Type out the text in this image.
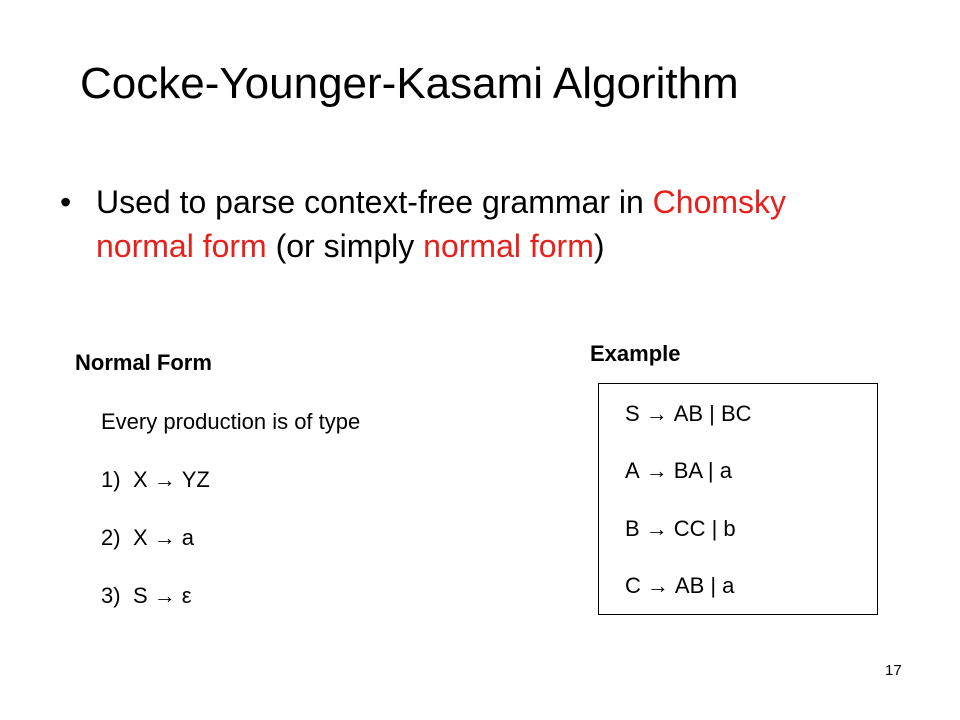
Cocke-Younger-Kasami Algorithm
• Used to parse context-free grammar in Chomsky normal form (or simply normal form)
Normal Form
Every production is of type
1) X → YZ
2) X → a
3) S → ε
Example
S → AB | BC
A → BA | a
B → CC | b
C → AB | a
17
